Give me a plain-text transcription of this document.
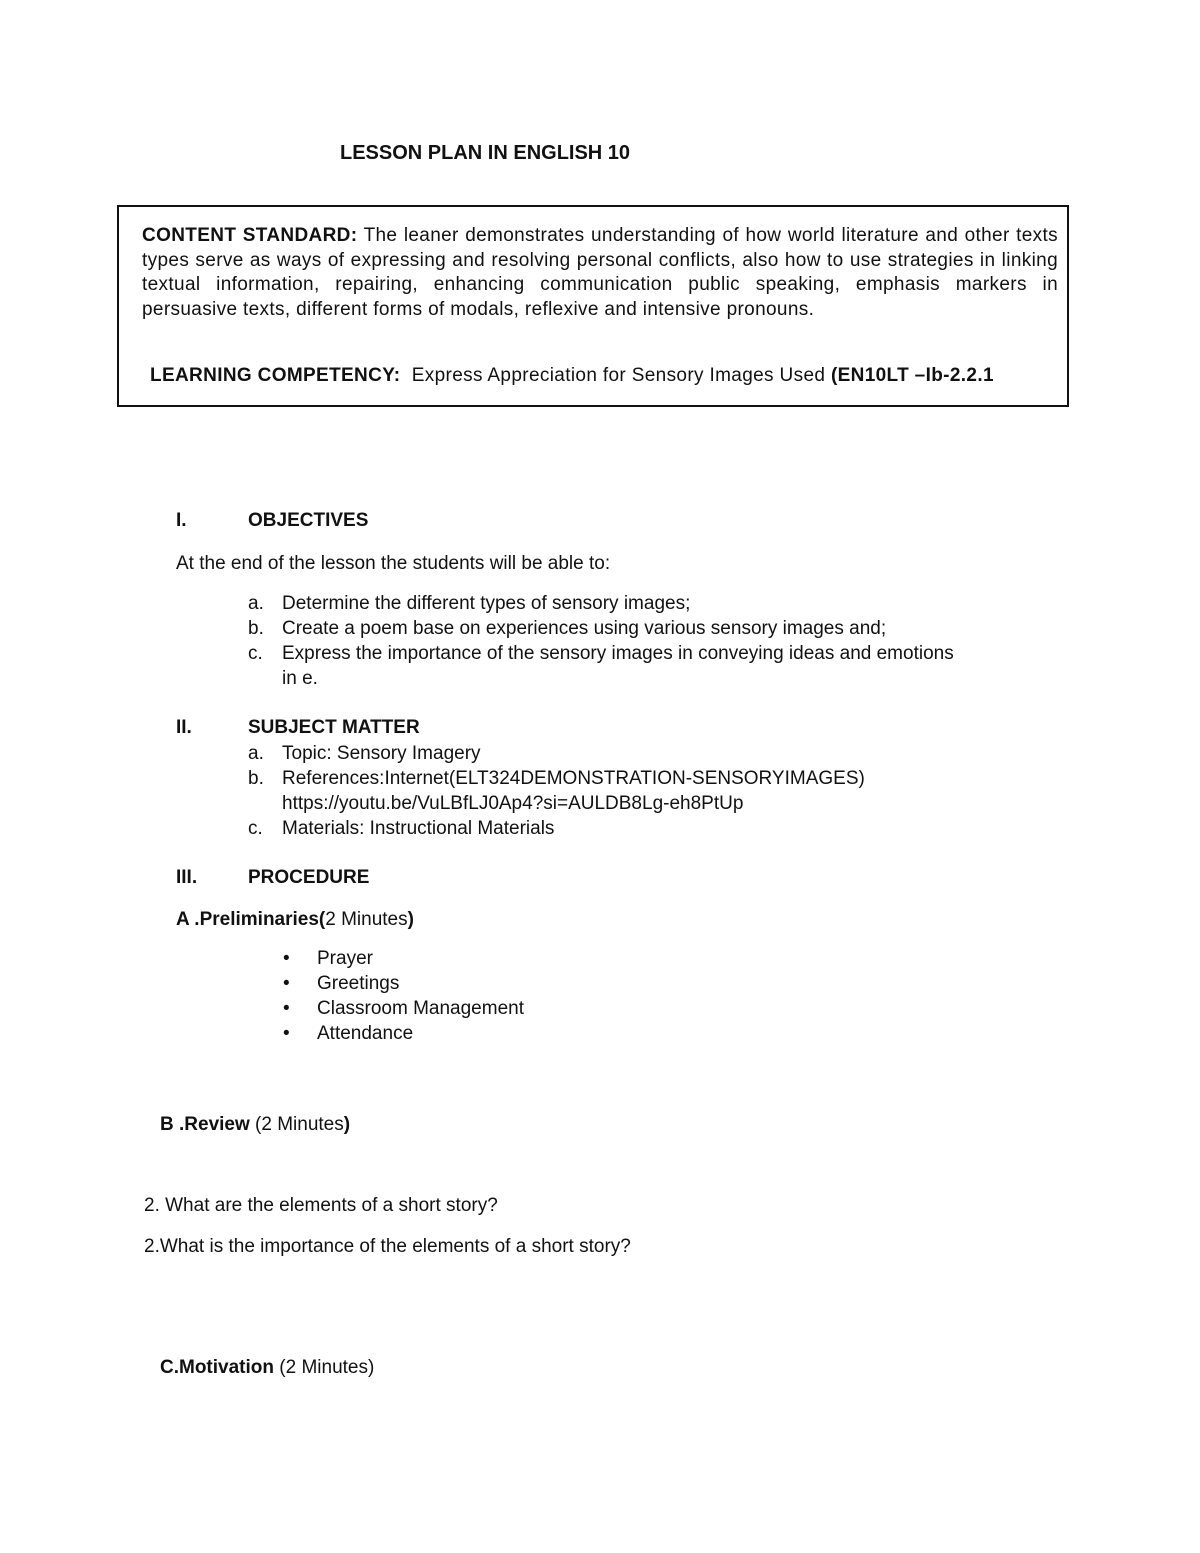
LESSON PLAN IN ENGLISH 10
CONTENT STANDARD: The leaner demonstrates understanding of how world literature and other texts types serve as ways of expressing and resolving personal conflicts, also how to use strategies in linking textual information, repairing, enhancing communication public speaking, emphasis markers in persuasive texts, different forms of modals, reflexive and intensive pronouns.
LEARNING COMPETENCY: Express Appreciation for Sensory Images Used (EN10LT –Ib-2.2.1
I.	OBJECTIVES
At the end of the lesson the students will be able to:
a. Determine the different types of sensory images;
b. Create a poem base on experiences using various sensory images and;
c. Express the importance of the sensory images in conveying ideas and emotions
in e.
II.	SUBJECT MATTER
a. Topic: Sensory Imagery
b. References:Internet(ELT324DEMONSTRATION-SENSORYIMAGES)
https://youtu.be/VuLBfLJ0Ap4?si=AULDB8Lg-eh8PtUp
c. Materials: Instructional Materials
III.	PROCEDURE
A .Preliminaries(2 Minutes)
• Prayer
• Greetings
• Classroom Management
• Attendance
B .Review (2 Minutes)
2. What are the elements of a short story?
2.What is the importance of the elements of a short story?
C.Motivation (2 Minutes)
